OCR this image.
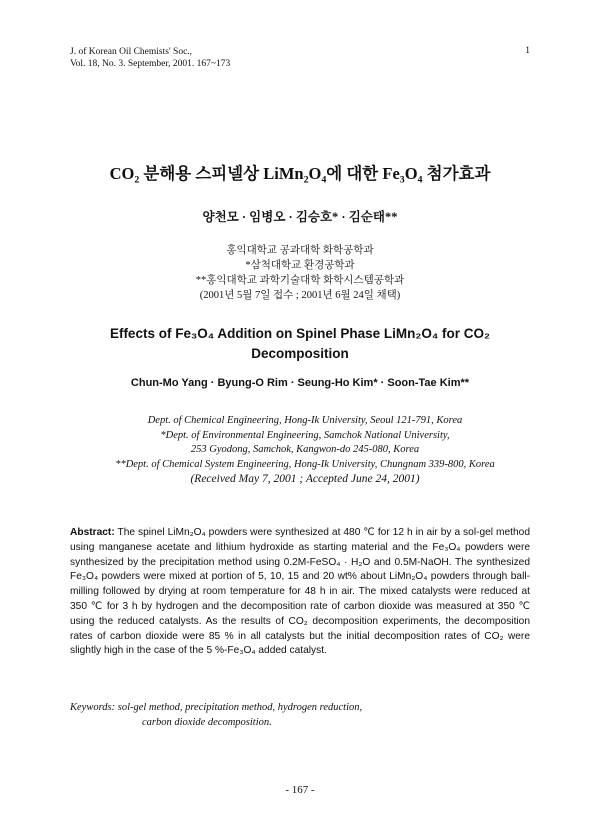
J. of Korean Oil Chemists' Soc.,
Vol. 18, No. 3. September, 2001. 167~173
1
CO₂ 분해용 스피넬상 LiMn₂O₄에 대한 Fe₃O₄ 첨가효과
양천모 · 임병오 · 김승호* · 김순태**
홍익대학교 공과대학 화학공학과
*삼척대학교 환경공학과
**홍익대학교 과학기술대학 화학시스템공학과
(2001년 5월 7일 접수 ; 2001년 6월 24일 채택)
Effects of Fe₃O₄ Addition on Spinel Phase LiMn₂O₄ for CO₂
Decomposition
Chun-Mo Yang · Byung-O Rim · Seung-Ho Kim* · Soon-Tae Kim**
Dept. of Chemical Engineering, Hong-Ik University, Seoul 121-791, Korea
*Dept. of Environmental Engineering, Samchok National University,
253 Gyodong, Samchok, Kangwon-do 245-080, Korea
**Dept. of Chemical System Engineering, Hong-Ik University, Chungnam 339-800, Korea
(Received May 7, 2001 ; Accepted June 24, 2001)
Abstract: The spinel LiMn₂O₄ powders were synthesized at 480 ℃ for 12 h in air by a sol-gel method using manganese acetate and lithium hydroxide as starting material and the Fe₃O₄ powders were synthesized by the precipitation method using 0.2M-FeSO₄ · H₂O and 0.5M-NaOH. The synthesized Fe₃O₄ powders were mixed at portion of 5, 10, 15 and 20 wt% about LiMn₂O₄ powders through ball-milling followed by drying at room temperature for 48 h in air. The mixed catalysts were reduced at 350 ℃ for 3 h by hydrogen and the decomposition rate of carbon dioxide was measured at 350 ℃ using the reduced catalysts. As the results of CO₂ decomposition experiments, the decomposition rates of carbon dioxide were 85 % in all catalysts but the initial decomposition rates of CO₂ were slightly high in the case of the 5 %-Fe₃O₄ added catalyst.
Keywords: sol-gel method, precipitation method, hydrogen reduction,
carbon dioxide decomposition.
- 167 -
